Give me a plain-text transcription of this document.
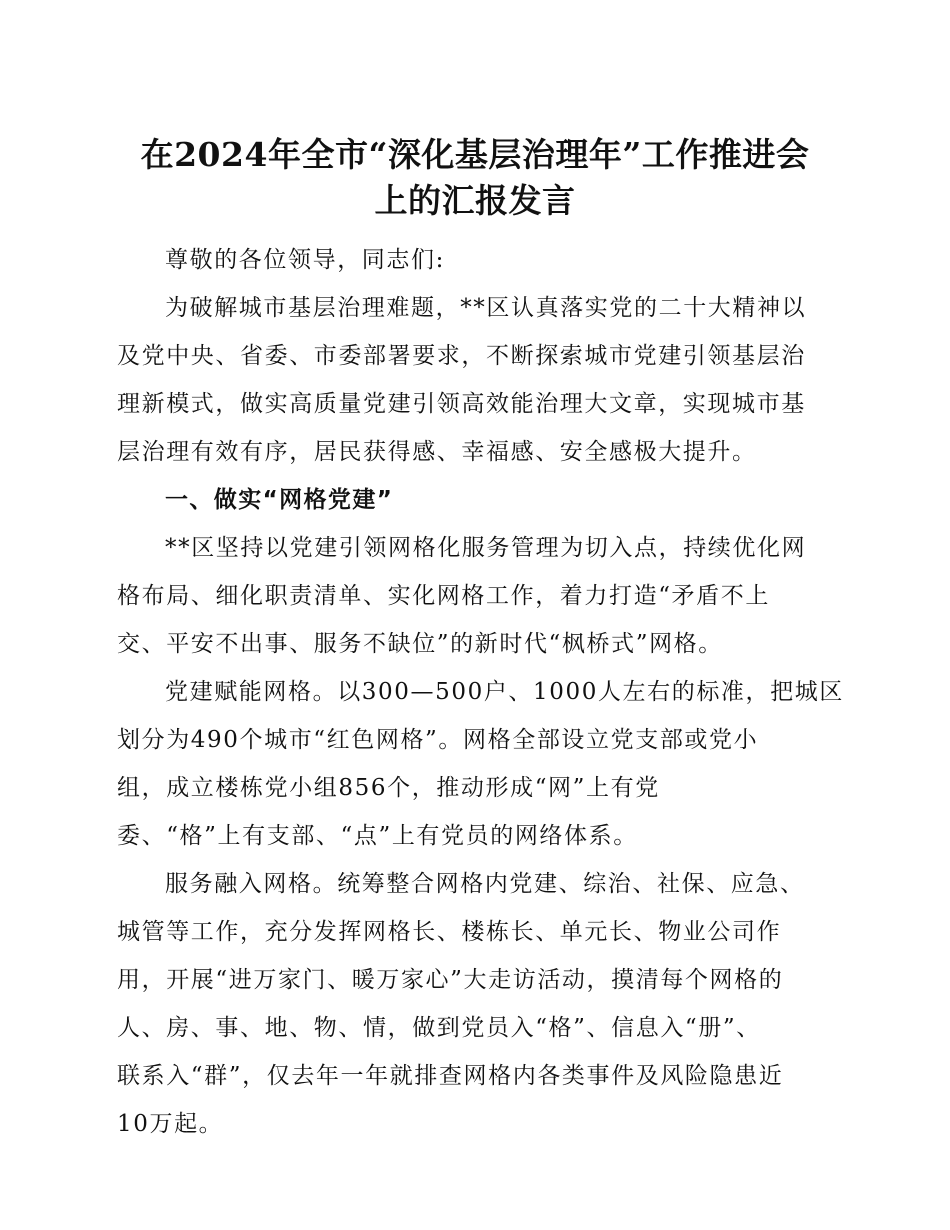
在2024年全市“深化基层治理年”工作推进会
上的汇报发言
尊敬的各位领导，同志们:
为破解城市基层治理难题，**区认真落实党的二十大精神以
及党中央、省委、市委部署要求，不断探索城市党建引领基层治
理新模式，做实高质量党建引领高效能治理大文章，实现城市基
层治理有效有序，居民获得感、幸福感、安全感极大提升。
一、做实“网格党建”
**区坚持以党建引领网格化服务管理为切入点，持续优化网
格布局、细化职责清单、实化网格工作，着力打造“矛盾不上
交、平安不出事、服务不缺位”的新时代“枫桥式”网格。
党建赋能网格。以300—500户、1000人左右的标准，把城区
划分为490个城市“红色网格”。网格全部设立党支部或党小
组，成立楼栋党小组856个，推动形成“网”上有党
委、“格”上有支部、“点”上有党员的网络体系。
服务融入网格。统筹整合网格内党建、综治、社保、应急、
城管等工作，充分发挥网格长、楼栋长、单元长、物业公司作
用，开展“进万家门、暖万家心”大走访活动，摸清每个网格的
人、房、事、地、物、情，做到党员入“格”、信息入“册”、
联系入“群”，仅去年一年就排查网格内各类事件及风险隐患近
10万起。
